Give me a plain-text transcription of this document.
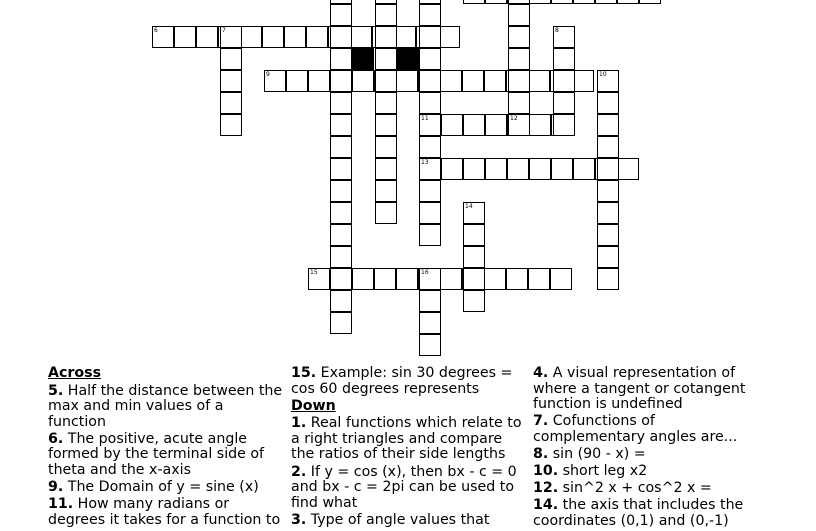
6
9
11
13
15
12
7	8
10
14
16
Across
5. Half the distance between the max and min values of a function
6. The positive, acute angle formed by the terminal side of theta and the x-axis
9. The Domain of y = sine (x)
11. How many radians or degrees it takes for a function to
15. Example: sin 30 degrees = cos 60 degrees represents
Down
1. Real functions which relate to a right triangles and compare the ratios of their side lengths
2. If y = cos (x), then bx - c = 0 and bx - c = 2pi can be used to find what
3. Type of angle values that
4. A visual representation of where a tangent or cotangent function is undefined
7. Cofunctions of complementary angles are...
8. sin (90 - x) =
10. short leg x2
12. sin^2 x + cos^2 x =
14. the axis that includes the coordinates (0,1) and (0,-1)
